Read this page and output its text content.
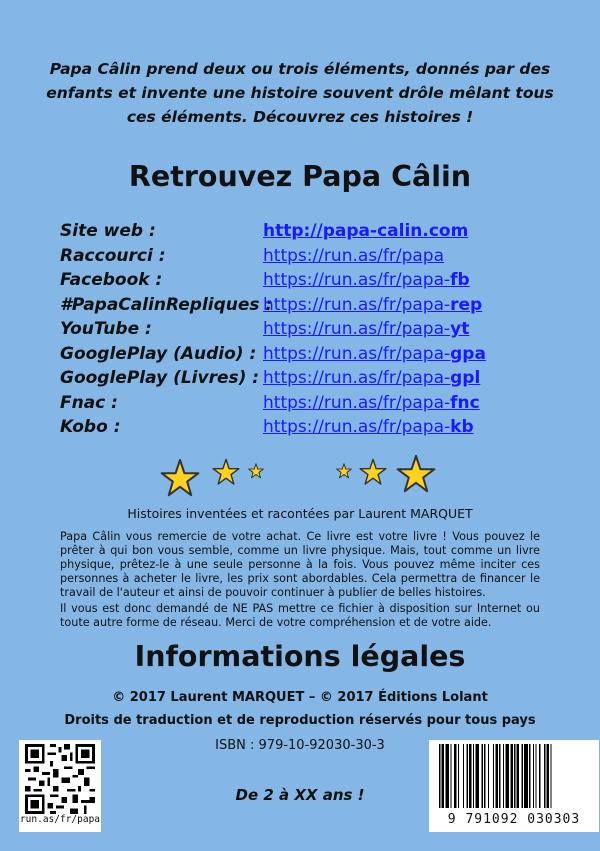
Papa Câlin prend deux ou trois éléments, donnés par des
enfants et invente une histoire souvent drôle mêlant tous
ces éléments. Découvrez ces histoires !
Retrouvez Papa Câlin
Site web :	http://papa-calin.com
Raccourci :	https://run.as/fr/papa
Facebook :	https://run.as/fr/papa-fb
#PapaCalinRepliques :https://run.as/fr/papa-rep
YouTube :	https://run.as/fr/papa-yt
GooglePlay (Audio) : https://run.as/fr/papa-gpa
GooglePlay (Livres) : https://run.as/fr/papa-gpl
Fnac :	https://run.as/fr/papa-fnc
Kobo :	https://run.as/fr/papa-kb
Histoires inventées et racontées par Laurent MARQUET

Papa Câlin vous remercie de votre achat. Ce livre est votre livre ! Vous pouvez le prêter à qui bon vous semble, comme un livre physique. Mais, tout comme un livre physique, prêtez-le à une seule personne à la fois. Vous pouvez même inciter ces personnes à acheter le livre, les prix sont abordables. Cela permettra de financer le travail de l'auteur et ainsi de pouvoir continuer à publier de belles histoires.

Il vous est donc demandé de NE PAS mettre ce fichier à disposition sur Internet ou toute autre forme de réseau. Merci de votre compréhension et de votre aide.

Informations légales
© 2017 Laurent MARQUET – © 2017 Éditions Lolant
Droits de traduction et de reproduction réservés pour tous pays
ISBN : 979-10-92030-30-3
run.as/fr/papa
De 2 à XX ans !
9 791092 030303
